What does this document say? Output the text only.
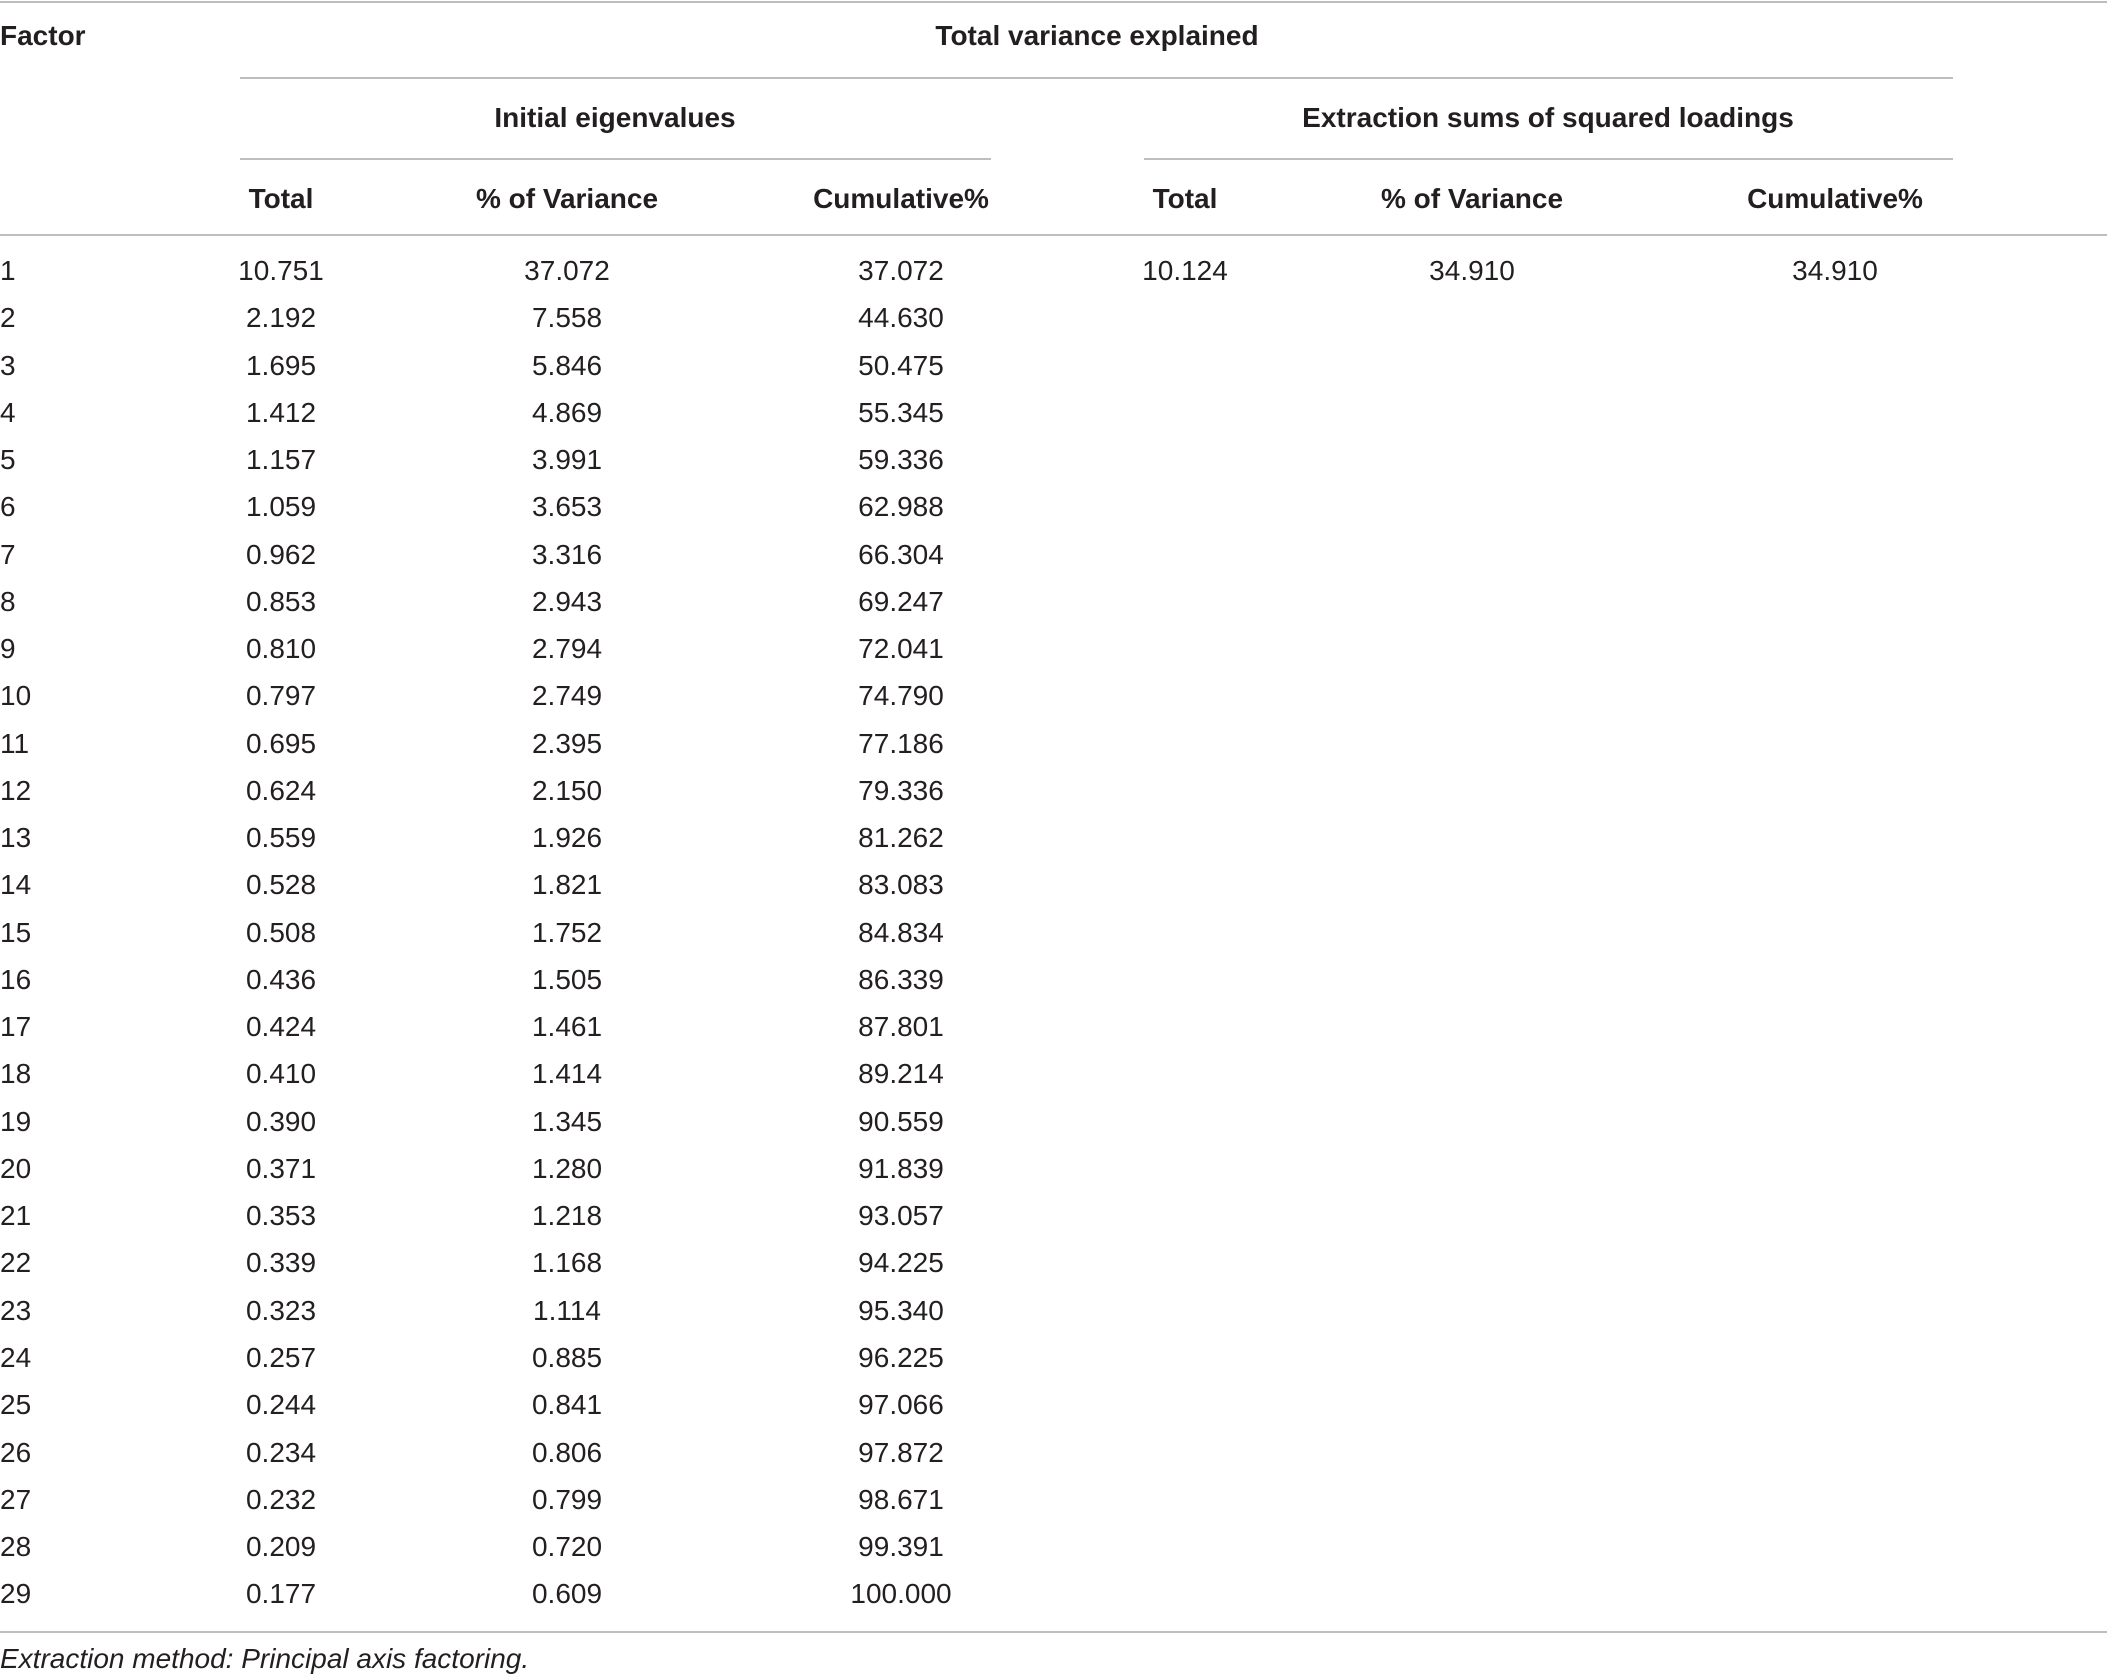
Factor	Total variance explained
Initial eigenvalues	Extraction sums of squared loadings
Total	% of Variance	Cumulative%	Total	% of Variance	Cumulative%
1	10.751	37.072	37.072	10.124	34.910	34.910
2	2.192	7.558	44.630
3	1.695	5.846	50.475
4	1.412	4.869	55.345
5	1.157	3.991	59.336
6	1.059	3.653	62.988
7	0.962	3.316	66.304
8	0.853	2.943	69.247
9	0.810	2.794	72.041
10	0.797	2.749	74.790
11	0.695	2.395	77.186
12	0.624	2.150	79.336
13	0.559	1.926	81.262
14	0.528	1.821	83.083
15	0.508	1.752	84.834
16	0.436	1.505	86.339
17	0.424	1.461	87.801
18	0.410	1.414	89.214
19	0.390	1.345	90.559
20	0.371	1.280	91.839
21	0.353	1.218	93.057
22	0.339	1.168	94.225
23	0.323	1.114	95.340
24	0.257	0.885	96.225
25	0.244	0.841	97.066
26	0.234	0.806	97.872
27	0.232	0.799	98.671
28	0.209	0.720	99.391
29	0.177	0.609	100.000
Extraction method: Principal axis factoring.
